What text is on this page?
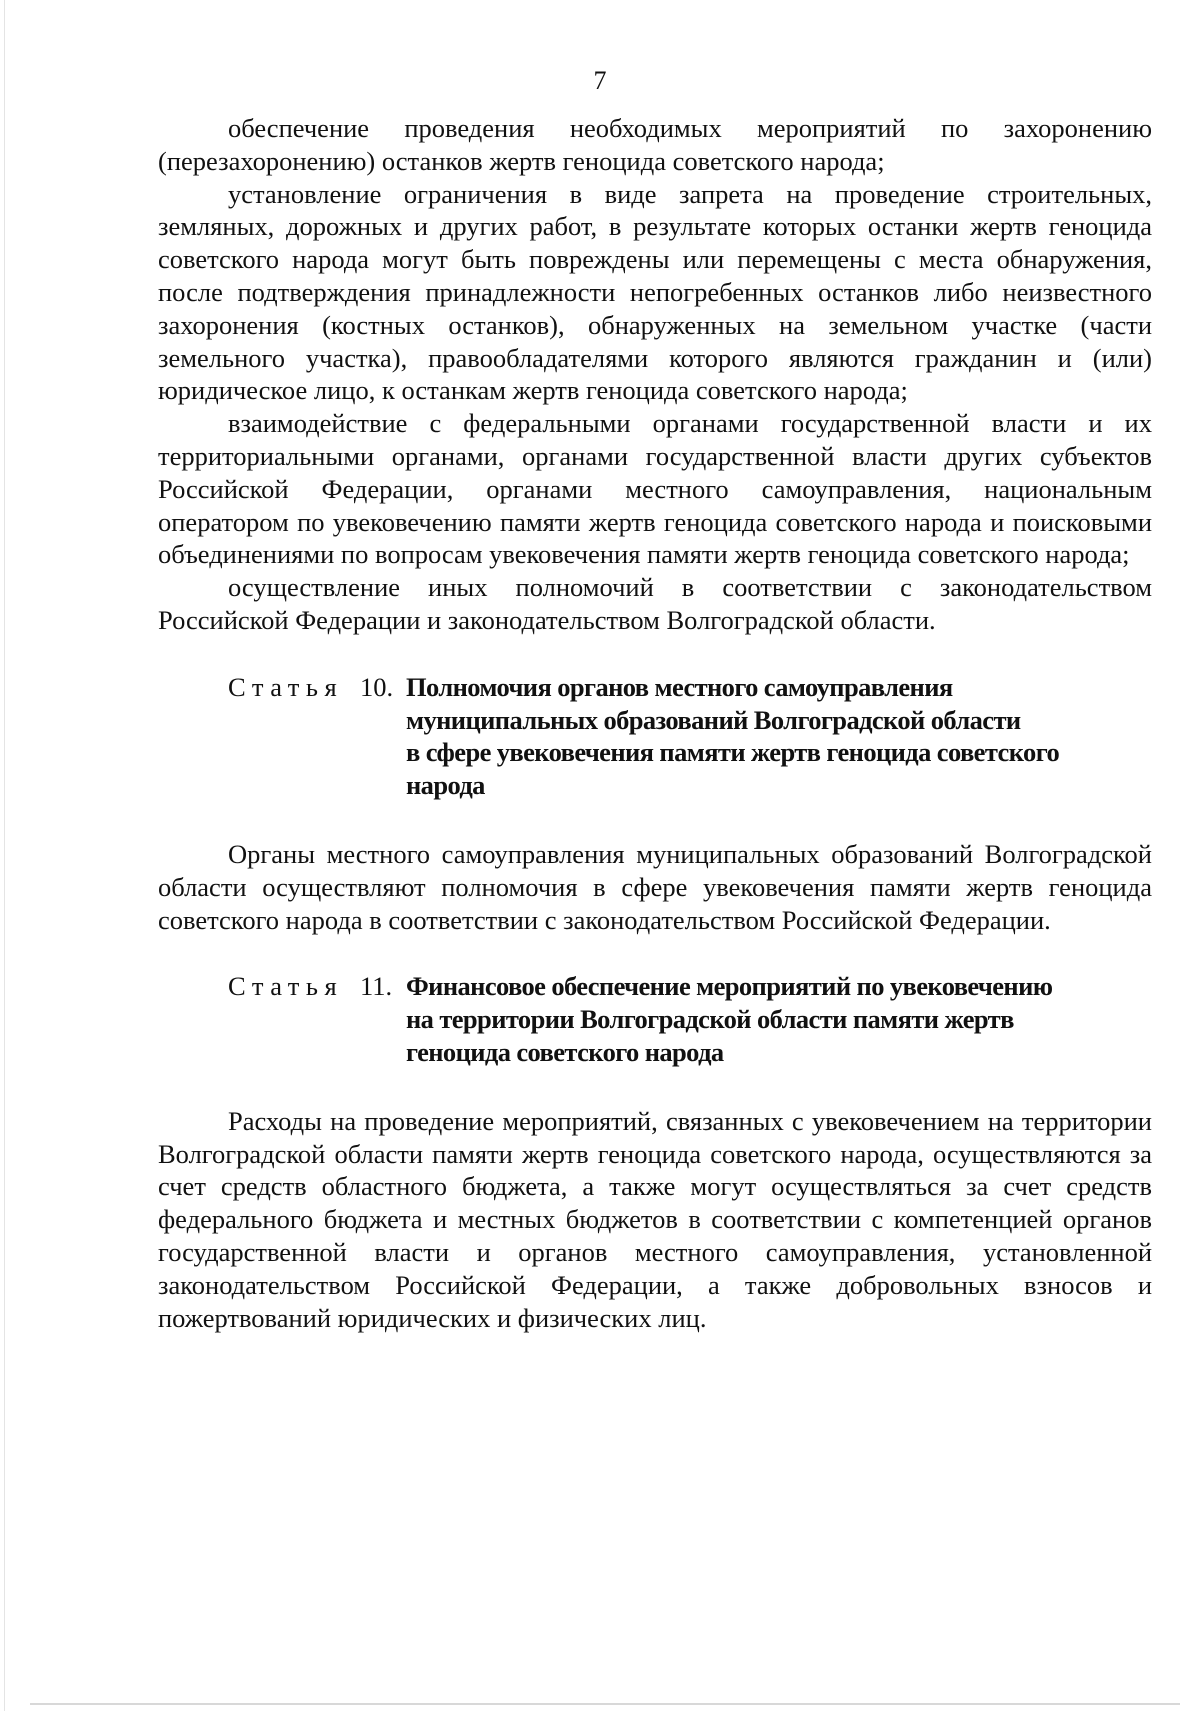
7

обеспечение проведения необходимых мероприятий по захоронению (перезахоронению) останков жертв геноцида советского народа;

установление ограничения в виде запрета на проведение строительных, земляных, дорожных и других работ, в результате которых останки жертв геноцида советского народа могут быть повреждены или перемещены с места обнаружения, после подтверждения принадлежности непогребенных останков либо неизвестного захоронения (костных останков), обнаруженных на земельном участке (части земельного участка), правообладателями которого являются гражданин и (или) юридическое лицо, к останкам жертв геноцида советского народа;

взаимодействие с федеральными органами государственной власти и их территориальными органами, органами государственной власти других субъектов Российской Федерации, органами местного самоуправления, национальным оператором по увековечению памяти жертв геноцида советского народа и поисковыми объединениями по вопросам увековечения памяти жертв геноцида советского народа;

осуществление иных полномочий в соответствии с законодательством Российской Федерации и законодательством Волгоградской области.

Статья 10. Полномочия органов местного самоуправления
муниципальных образований Волгоградской области
в сфере увековечения памяти жертв геноцида советского
народа

Органы местного самоуправления муниципальных образований Волгоградской области осуществляют полномочия в сфере увековечения памяти жертв геноцида советского народа в соответствии с законодательством Российской Федерации.

Статья 11. Финансовое обеспечение мероприятий по увековечению
на территории Волгоградской области памяти жертв
геноцида советского народа

Расходы на проведение мероприятий, связанных с увековечением на территории Волгоградской области памяти жертв геноцида советского народа, осуществляются за счет средств областного бюджета, а также могут осуществляться за счет средств федерального бюджета и местных бюджетов в соответствии с компетенцией органов государственной власти и органов местного самоуправления, установленной законодательством Российской Федерации, а также добровольных взносов и пожертвований юридических и физических лиц.
